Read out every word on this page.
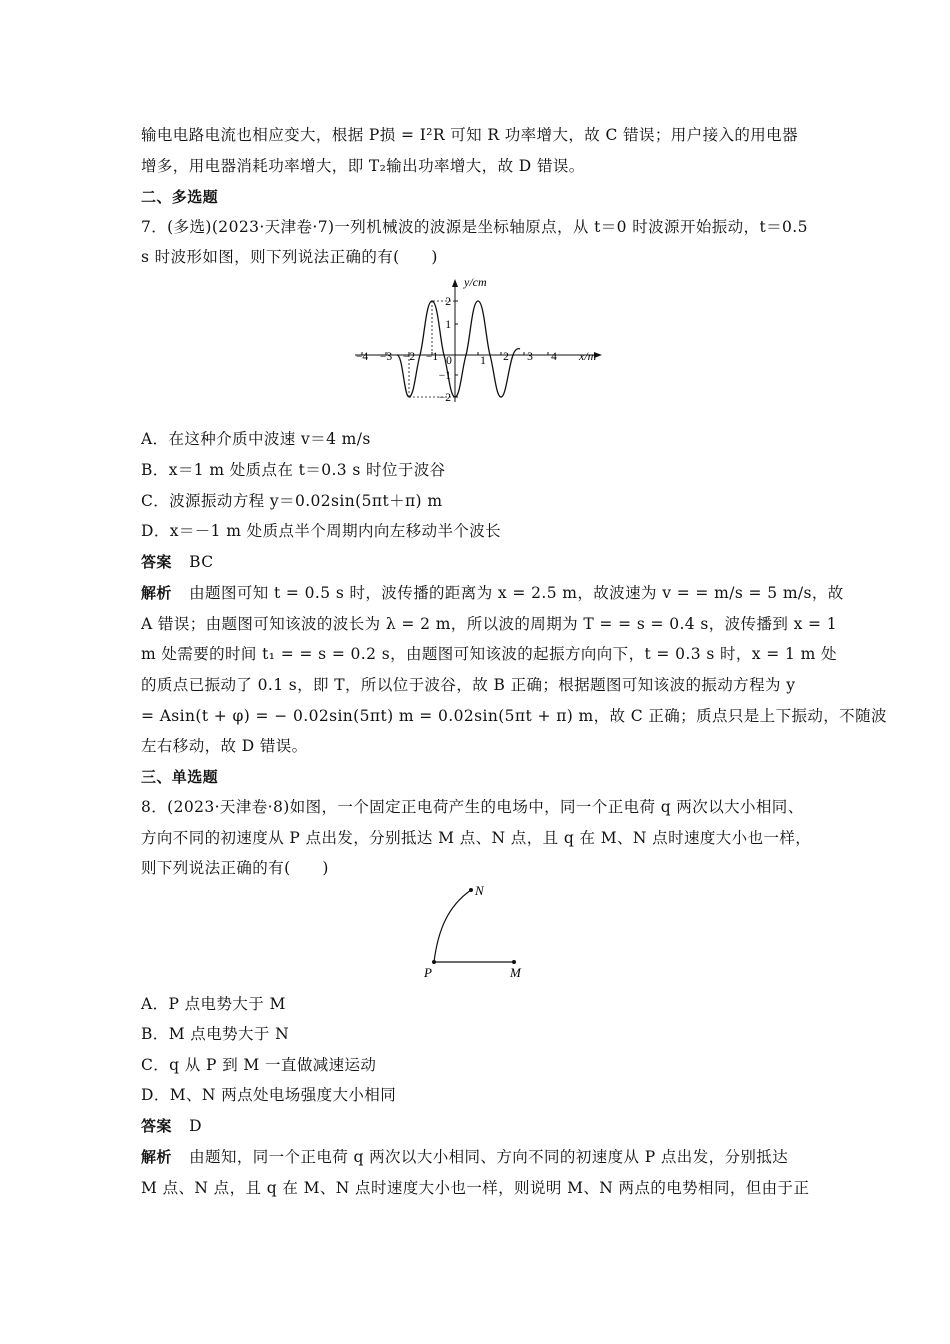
输电电路电流也相应变大，根据 P损 = I²R 可知 R 功率增大，故 C 错误；用户接入的用电器
增多，用电器消耗功率增大，即 T₂输出功率增大，故 D 错误。
二、多选题
7．(多选)(2023·天津卷·7)一列机械波的波源是坐标轴原点，从 t＝0 时波源开始振动，t＝0.5
s 时波形如图，则下列说法正确的有(　　)
y/cm
x/m
−4 −3 −2 −1 0 1 2 3 4
2
1
−1
−2
A．在这种介质中波速 v＝4 m/s
B．x＝1 m 处质点在 t＝0.3 s 时位于波谷
C．波源振动方程 y＝0.02sin(5πt＋π) m
D．x＝－1 m 处质点半个周期内向左移动半个波长
答案 BC
解析 由题图可知 t = 0.5 s 时，波传播的距离为 x = 2.5 m，故波速为 v = = m/s = 5 m/s，故
A 错误；由题图可知该波的波长为 λ = 2 m，所以波的周期为 T = = s = 0.4 s，波传播到 x = 1
m 处需要的时间 t₁ = = s = 0.2 s，由题图可知该波的起振方向向下，t = 0.3 s 时，x = 1 m 处
的质点已振动了 0.1 s，即 T，所以位于波谷，故 B 正确；根据题图可知该波的振动方程为 y
= Asin(t + φ) = − 0.02sin(5πt) m = 0.02sin(5πt + π) m，故 C 正确；质点只是上下振动，不随波
左右移动，故 D 错误。
三、单选题
8．(2023·天津卷·8)如图，一个固定正电荷产生的电场中，同一个正电荷 q 两次以大小相同、
方向不同的初速度从 P 点出发，分别抵达 M 点、N 点，且 q 在 M、N 点时速度大小也一样，
则下列说法正确的有(　　)
P	M
N
A．P 点电势大于 M
B．M 点电势大于 N
C．q 从 P 到 M 一直做减速运动
D．M、N 两点处电场强度大小相同
答案 D
解析 由题知，同一个正电荷 q 两次以大小相同、方向不同的初速度从 P 点出发，分别抵达
M 点、N 点，且 q 在 M、N 点时速度大小也一样，则说明 M、N 两点的电势相同，但由于正
